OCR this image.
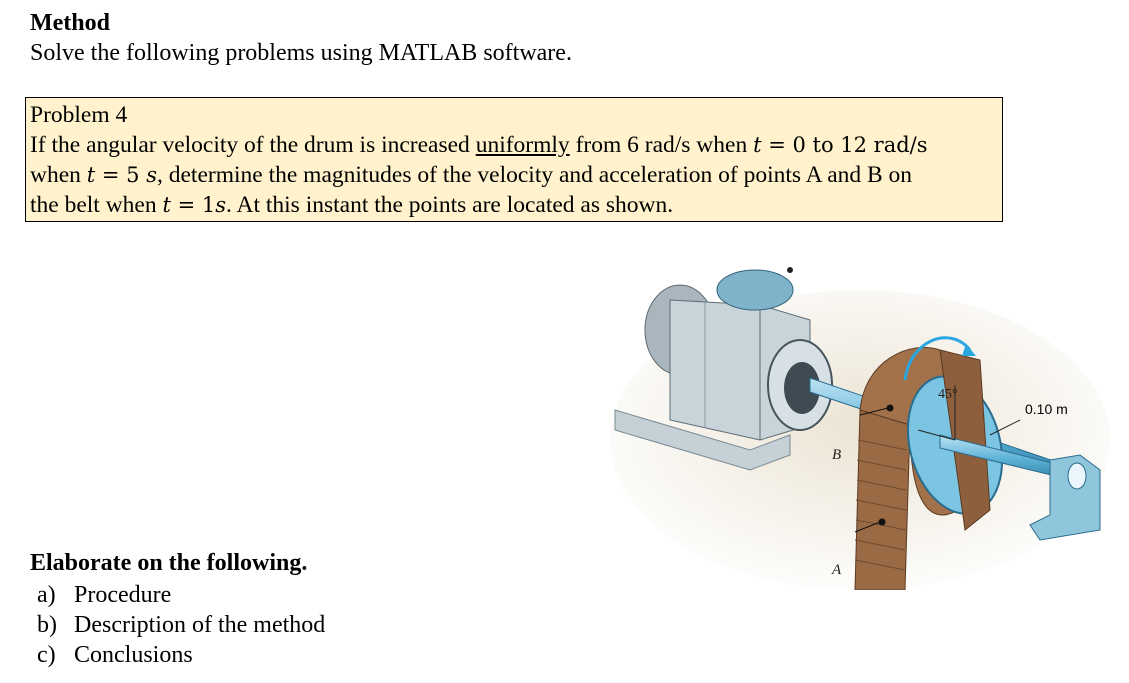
Method
Solve the following problems using MATLAB software.
Problem 4
If the angular velocity of the drum is increased uniformly from 6 rad/s when t = 0 to 12 rad/s
when t = 5 s, determine the magnitudes of the velocity and acceleration of points A and B on
the belt when t = 1s. At this instant the points are located as shown.
45°
0.10 m
B
A
Elaborate on the following.
a) Procedure
b) Description of the method
c) Conclusions
